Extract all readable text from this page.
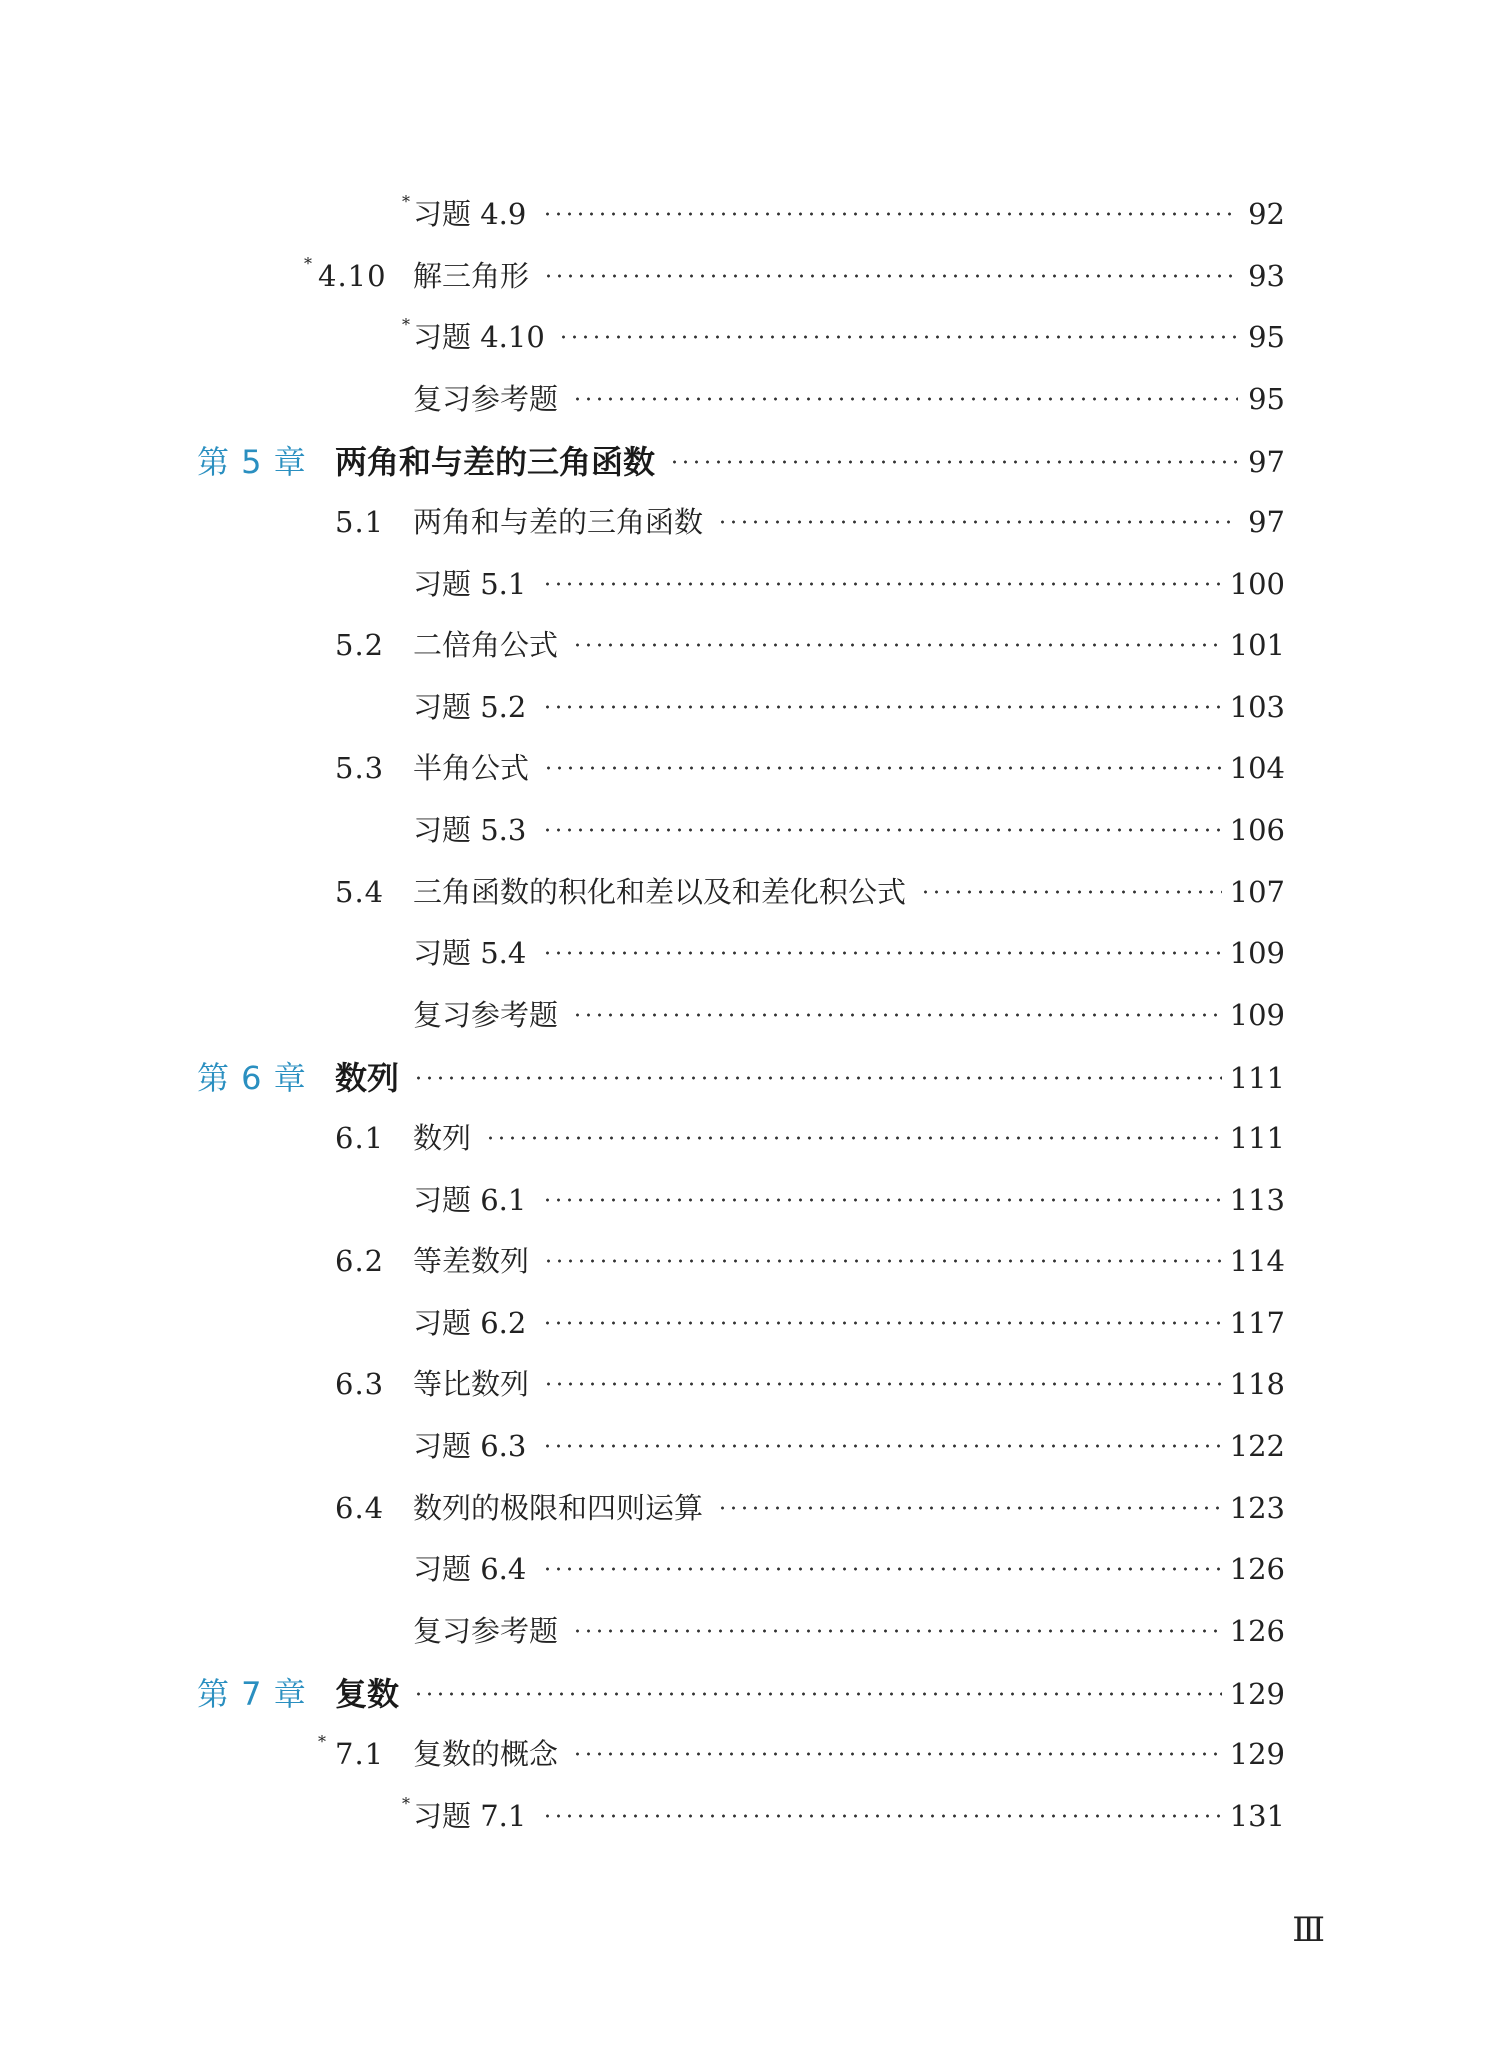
* 习题 4.9	92
* 4.10 解三角形	93
* 习题 4.10	95
复习参考题	95
第 5 章 两角和与差的三角函数	97
5.1 两角和与差的三角函数	97
习题 5.1	100
5.2 二倍角公式	101
习题 5.2	103
5.3 半角公式	104
习题 5.3	106
5.4 三角函数的积化和差以及和差化积公式	107
习题 5.4	109
复习参考题	109
第 6 章 数列	111
6.1 数列	111
习题 6.1	113
6.2 等差数列	114
习题 6.2	117
6.3 等比数列	118
习题 6.3	122
6.4 数列的极限和四则运算	123
习题 6.4	126
复习参考题	126
第 7 章 复数	129
* 7.1 复数的概念	129
* 习题 7.1	131
Ⅲ
